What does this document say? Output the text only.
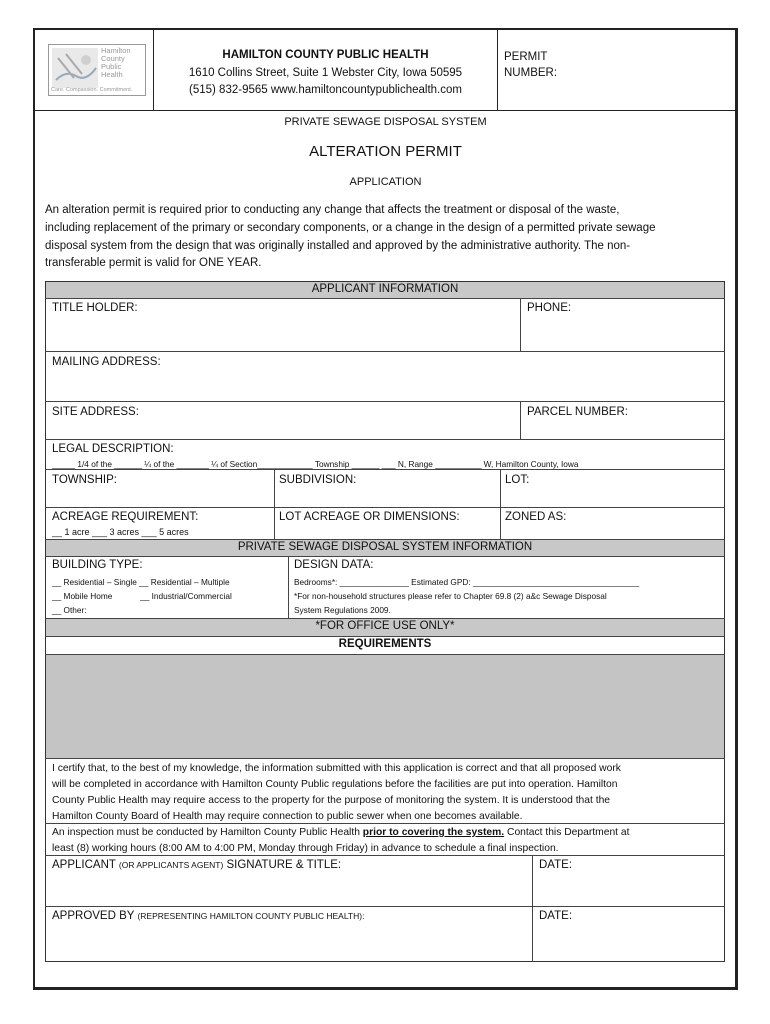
Hamilton
County
Public
Health
Care. Compassion. Commitment.
HAMILTON COUNTY PUBLIC HEALTH
1610 Collins Street, Suite 1 Webster City, Iowa 50595
(515) 832-9565 www.hamiltoncountypublichealth.com
PERMIT
NUMBER:
PRIVATE SEWAGE DISPOSAL SYSTEM
ALTERATION PERMIT
APPLICATION
An alteration permit is required prior to conducting any change that affects the treatment or disposal of the waste,
including replacement of the primary or secondary components, or a change in the design of a permitted private sewage
disposal system from the design that was originally installed and approved by the administrative authority. The non-
transferable permit is valid for ONE YEAR.
APPLICANT INFORMATION
TITLE HOLDER:	PHONE:
MAILING ADDRESS:
SITE ADDRESS:	PARCEL NUMBER:
LEGAL DESCRIPTION:
_____ 1/4 of the ______ ¼ of the _______ ¼ of Section____________ Township ______ ___ N, Range __________ W, Hamilton County, Iowa
TOWNSHIP:	SUBDIVISION:	LOT:
ACREAGE REQUIREMENT:
__ 1 acre ___ 3 acres ___ 5 acres
LOT ACREAGE OR DIMENSIONS:	ZONED AS:
PRIVATE SEWAGE DISPOSAL SYSTEM INFORMATION
BUILDING TYPE:
__ Residential – Single __ Residential – Multiple
__ Mobile Home            __ Industrial/Commercial
__ Other:
DESIGN DATA:
Bedrooms*: _______________ Estimated GPD: ____________________________________
*For non-household structures please refer to Chapter 69.8 (2) a&c Sewage Disposal
System Regulations 2009.
*FOR OFFICE USE ONLY*
REQUIREMENTS
I certify that, to the best of my knowledge, the information submitted with this application is correct and that all proposed work
will be completed in accordance with Hamilton County Public regulations before the facilities are put into operation. Hamilton
County Public Health may require access to the property for the purpose of monitoring the system. It is understood that the
Hamilton County Board of Health may require connection to public sewer when one becomes available.
An inspection must be conducted by Hamilton County Public Health prior to covering the system. Contact this Department at
least (8) working hours (8:00 AM to 4:00 PM, Monday through Friday) in advance to schedule a final inspection.
APPLICANT (OR APPLICANTS AGENT) SIGNATURE & TITLE:	DATE:
APPROVED BY (REPRESENTING HAMILTON COUNTY PUBLIC HEALTH):	DATE:
